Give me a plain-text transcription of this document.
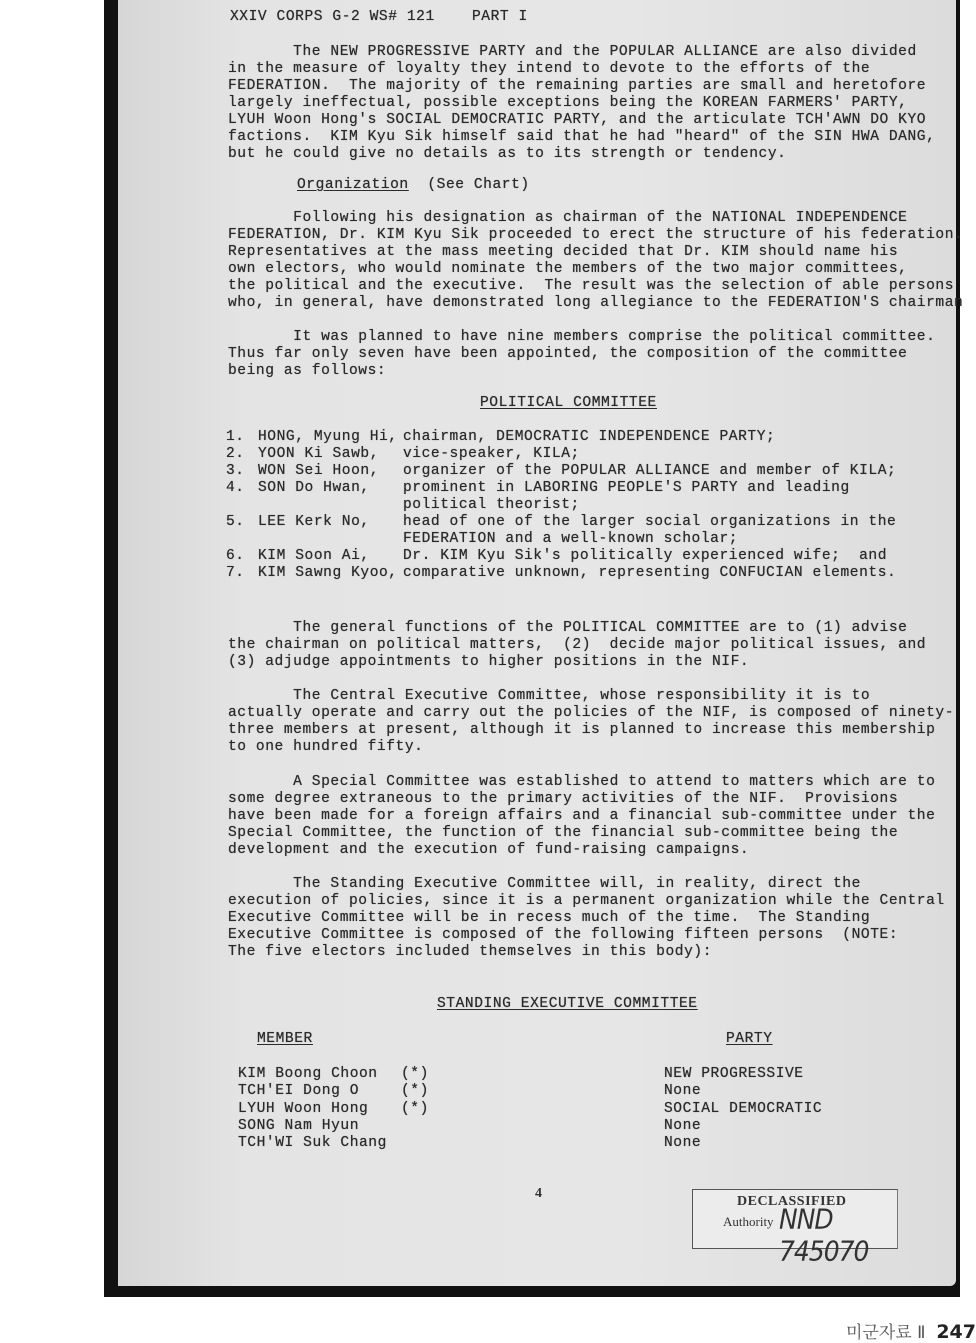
XXIV CORPS G-2 WS# 121    PART I
The NEW PROGRESSIVE PARTY and the POPULAR ALLIANCE are also divided
in the measure of loyalty they intend to devote to the efforts of the
FEDERATION.  The majority of the remaining parties are small and heretofore
largely ineffectual, possible exceptions being the KOREAN FARMERS' PARTY,
LYUH Woon Hong's SOCIAL DEMOCRATIC PARTY, and the articulate TCH'AWN DO KYO
factions.  KIM Kyu Sik himself said that he had "heard" of the SIN HWA DANG,
but he could give no details as to its strength or tendency.
Organization (See Chart)
Following his designation as chairman of the NATIONAL INDEPENDENCE
FEDERATION, Dr. KIM Kyu Sik proceeded to erect the structure of his federation.
Representatives at the mass meeting decided that Dr. KIM should name his
own electors, who would nominate the members of the two major committees,
the political and the executive.  The result was the selection of able persons
who, in general, have demonstrated long allegiance to the FEDERATION'S chairman
It was planned to have nine members comprise the political committee.
Thus far only seven have been appointed, the composition of the committee
being as follows:
POLITICAL COMMITTEE
1. HONG, Myung Hi, chairman, DEMOCRATIC INDEPENDENCE PARTY;
2. YOON Ki Sawb, vice-speaker, KILA;
3. WON Sei Hoon, organizer of the POPULAR ALLIANCE and member of KILA;
4. SON Do Hwan, prominent in LABORING PEOPLE'S PARTY and leading
political theorist;
5. LEE Kerk No, head of one of the larger social organizations in the
FEDERATION and a well-known scholar;
6. KIM Soon Ai, Dr. KIM Kyu Sik's politically experienced wife;  and
7. KIM Sawng Kyoo, comparative unknown, representing CONFUCIAN elements.
The general functions of the POLITICAL COMMITTEE are to (1) advise
the chairman on political matters,  (2)  decide major political issues, and
(3) adjudge appointments to higher positions in the NIF.
The Central Executive Committee, whose responsibility it is to
actually operate and carry out the policies of the NIF, is composed of ninety-
three members at present, although it is planned to increase this membership
to one hundred fifty.
A Special Committee was established to attend to matters which are to
some degree extraneous to the primary activities of the NIF.  Provisions
have been made for a foreign affairs and a financial sub-committee under the
Special Committee, the function of the financial sub-committee being the
development and the execution of fund-raising campaigns.
The Standing Executive Committee will, in reality, direct the
execution of policies, since it is a permanent organization while the Central
Executive Committee will be in recess much of the time.  The Standing
Executive Committee is composed of the following fifteen persons  (NOTE:
The five electors included themselves in this body):
STANDING EXECUTIVE COMMITTEE
MEMBER	PARTY
KIM Boong Choon (*)	NEW PROGRESSIVE
TCH'EI Dong O	(*)	None
LYUH Woon Hong (*)	SOCIAL DEMOCRATIC
SONG Nam Hyun	None
TCH'WI Suk Chang	None
4
DECLASSIFIED
Authority NND 745070
미군자료 Ⅱ 247
